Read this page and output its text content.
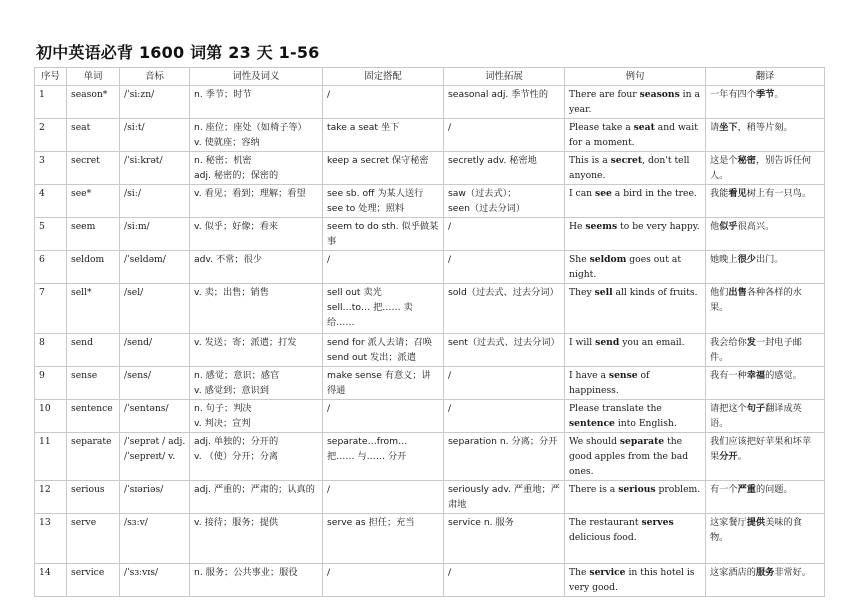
初中英语必背 1600 词第 23 天 1-56
序号	单词	音标	词性及词义	固定搭配	词性拓展	例句	翻译
1	season*	/ˈsiːzn/	n. 季节；时节	/	seasonal adj. 季节性的	There are four seasons in a year.	一年有四个季节。
2	seat	/siːt/	n. 座位；座处（如椅子等）
v. 使就座；容纳	take a seat 坐下	/	Please take a seat and wait for a moment.	请坐下，稍等片刻。
3	secret	/ˈsiːkrət/	n. 秘密；机密
adj. 秘密的；保密的	keep a secret 保守秘密	secretly adv. 秘密地	This is a secret, don't tell anyone.	这是个秘密，别告诉任何人。
4	see*	/siː/	v. 看见；看到；理解；看望	see sb. off 为某人送行
see to 处理；照料	saw（过去式）；
seen（过去分词）	I can see a bird in the tree.	我能看见树上有一只鸟。
5	seem	/siːm/	v. 似乎；好像；看来	seem to do sth. 似乎做某事	/	He seems to be very happy.	他似乎很高兴。
6	seldom	/ˈseldəm/	adv. 不常；很少	/	/	She seldom goes out at night.	她晚上很少出门。
7	sell*	/sel/	v. 卖；出售；销售	sell out 卖光
sell…to… 把…… 卖给……	sold（过去式、过去分词）	They sell all kinds of fruits.	他们出售各种各样的水果。
8	send	/send/	v. 发送；寄；派遣；打发	send for 派人去请；召唤
send out 发出；派遣	sent（过去式、过去分词）	I will send you an email.	我会给你发一封电子邮件。
9	sense	/sens/	n. 感觉；意识；感官
v. 感觉到；意识到	make sense 有意义；讲得通	/	I have a sense of happiness.	我有一种幸福的感觉。
10	sentence	/ˈsentəns/	n. 句子；判决
v. 判决；宣判	/	/	Please translate the sentence into English.	请把这个句子翻译成英语。
11	separate	/ˈseprət / adj.
/ˈsepreɪt/ v.	adj. 单独的；分开的
v. （使）分开；分离	separate…from…
把…… 与…… 分开	separation n. 分离；分开	We should separate the good apples from the bad ones.	我们应该把好苹果和坏苹果分开。
12	serious	/ˈsɪəriəs/	adj. 严重的；严肃的；认真的	/	seriously adv. 严重地；严肃地	There is a serious problem.	有一个严重的问题。
13	serve	/sɜːv/	v. 接待；服务；提供	serve as 担任；充当	service n. 服务	The restaurant serves delicious food.	这家餐厅提供美味的食物。
14	service	/ˈsɜːvɪs/	n. 服务；公共事业；服役	/	/	The service in this hotel is very good.	这家酒店的服务非常好。
